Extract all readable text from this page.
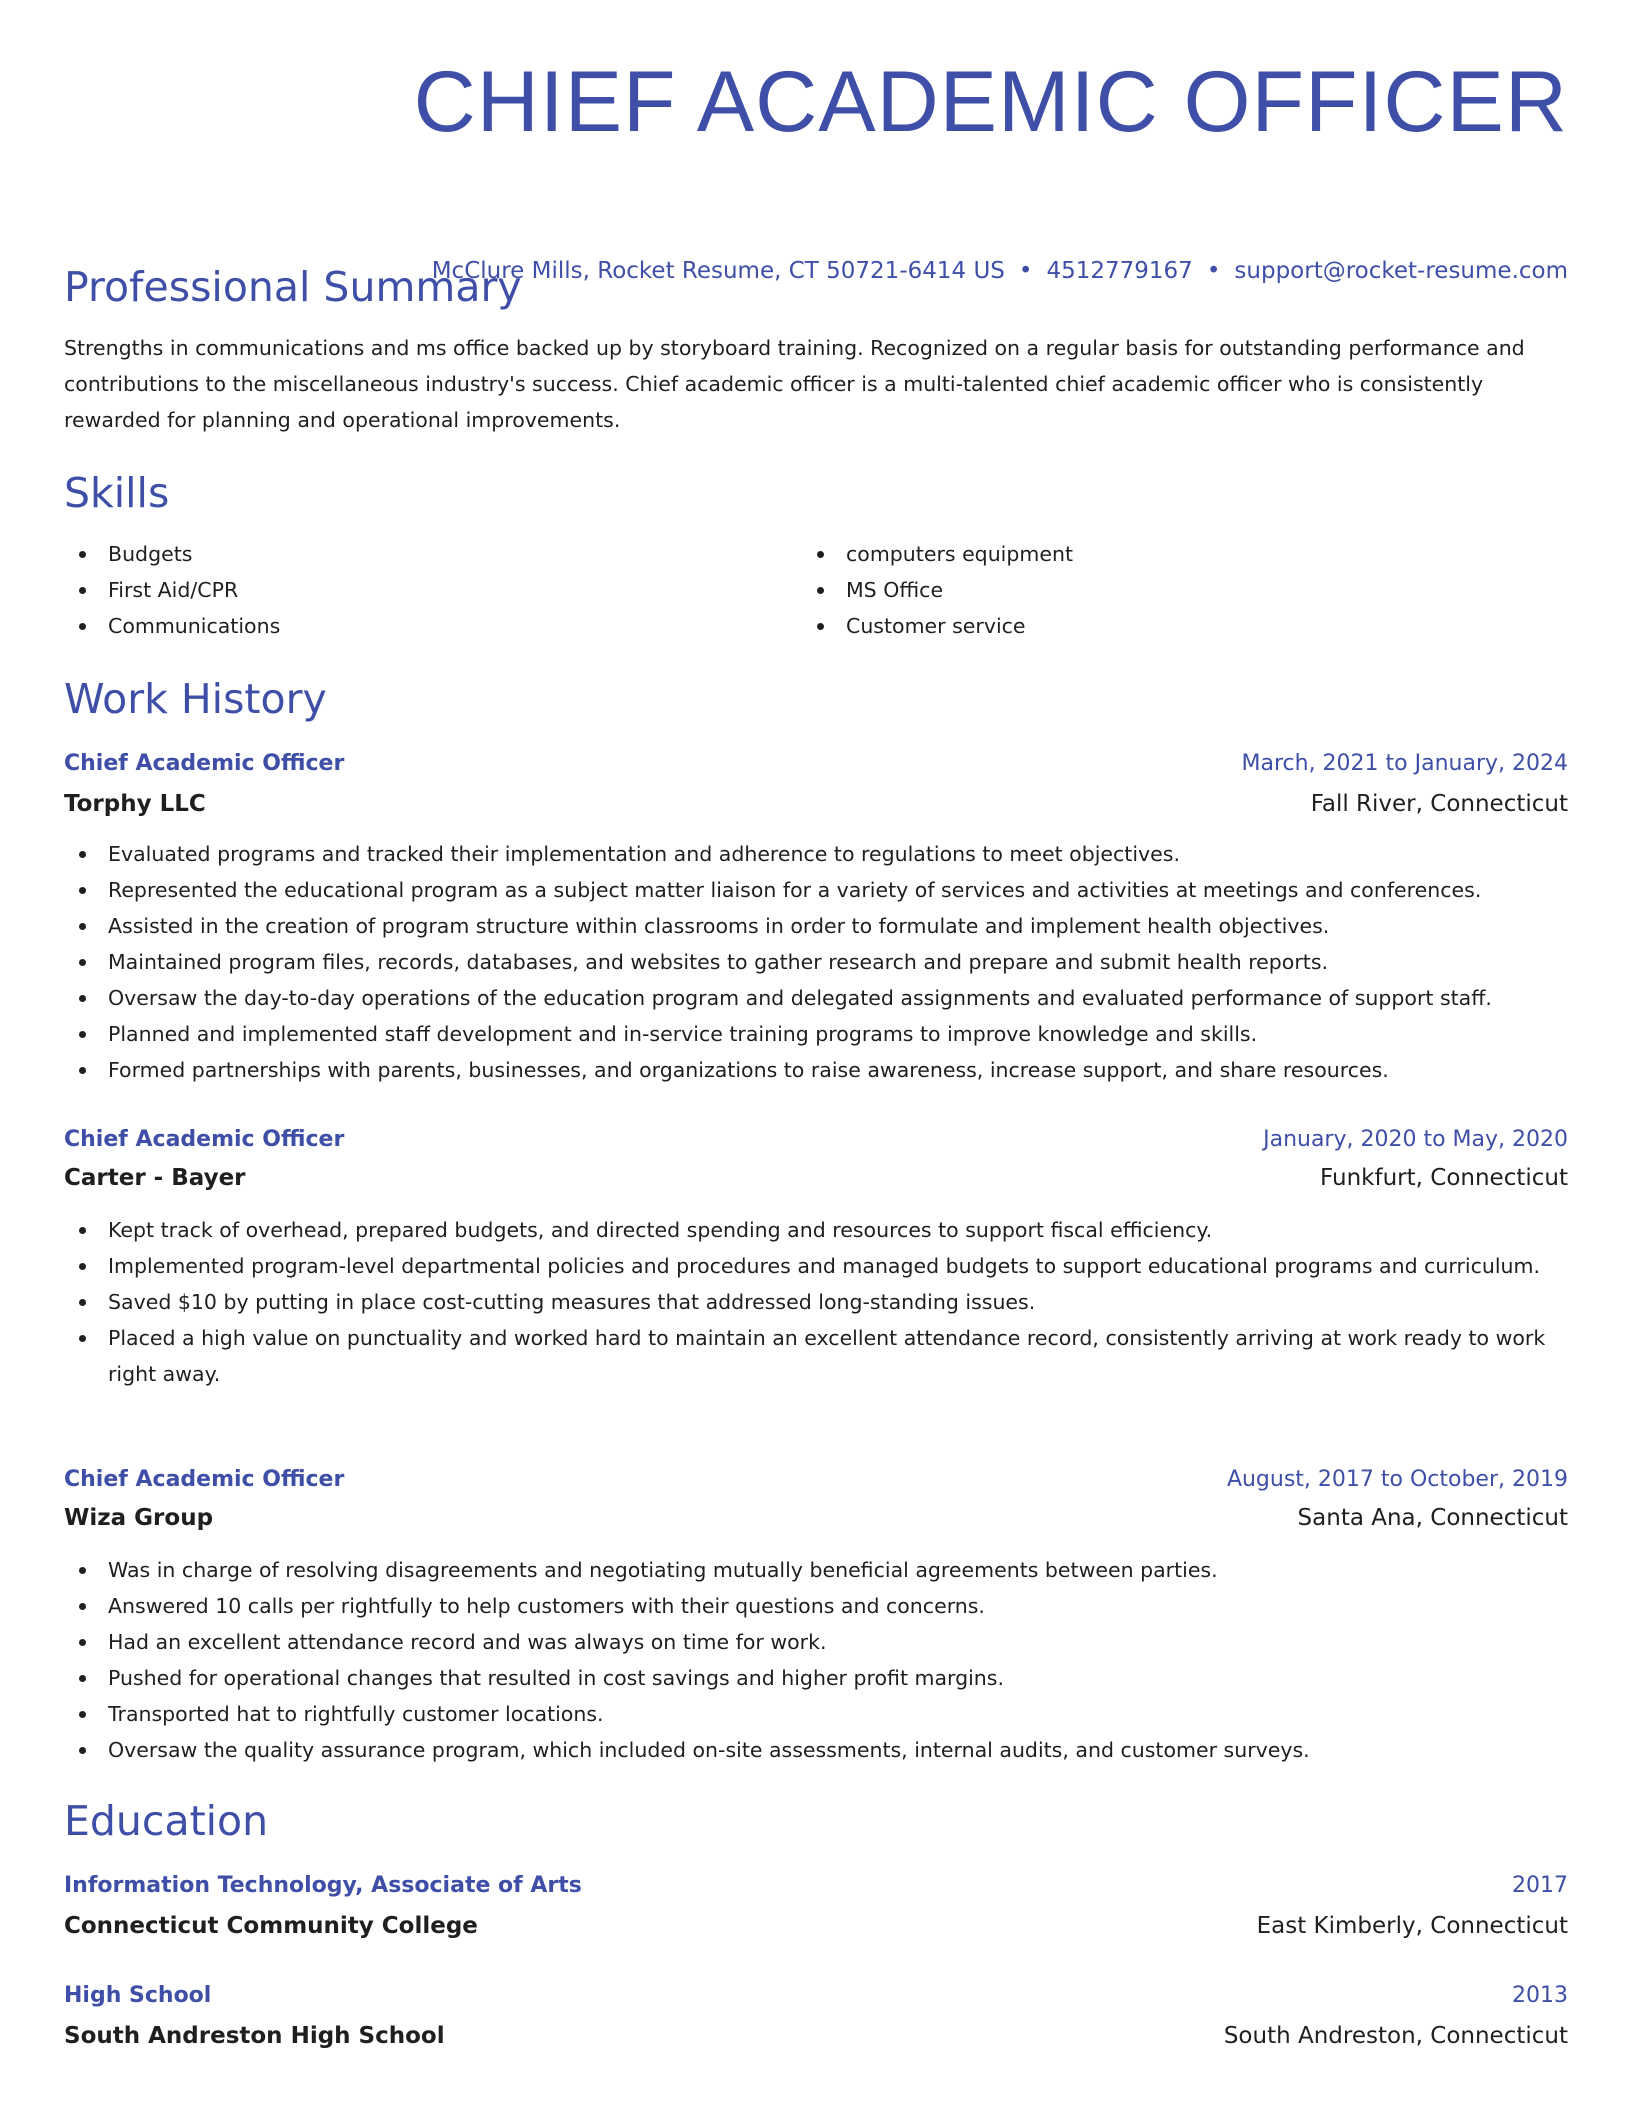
CHIEF ACADEMIC OFFICER
McClure Mills, Rocket Resume, CT 50721-6414 US • 4512779167 • support@rocket-resume.com
Professional Summary

Strengths in communications and ms office backed up by storyboard training. Recognized on a regular basis for outstanding performance and contributions to the miscellaneous industry's success. Chief academic officer is a multi-talented chief academic officer who is consistently rewarded for planning and operational improvements.

Skills
Budgets
First Aid/CPR
Communications
computers equipment
MS Office
Customer service
Work History
Chief Academic Officer	March, 2021 to January, 2024
Torphy LLC	Fall River, Connecticut
Evaluated programs and tracked their implementation and adherence to regulations to meet objectives.
Represented the educational program as a subject matter liaison for a variety of services and activities at meetings and conferences.
Assisted in the creation of program structure within classrooms in order to formulate and implement health objectives.
Maintained program files, records, databases, and websites to gather research and prepare and submit health reports.
Oversaw the day-to-day operations of the education program and delegated assignments and evaluated performance of support staff.
Planned and implemented staff development and in-service training programs to improve knowledge and skills.
Formed partnerships with parents, businesses, and organizations to raise awareness, increase support, and share resources.
Chief Academic Officer	January, 2020 to May, 2020
Carter - Bayer	Funkfurt, Connecticut
Kept track of overhead, prepared budgets, and directed spending and resources to support fiscal efficiency.
Implemented program-level departmental policies and procedures and managed budgets to support educational programs and curriculum.
Saved $10 by putting in place cost-cutting measures that addressed long-standing issues.
Placed a high value on punctuality and worked hard to maintain an excellent attendance record, consistently arriving at work ready to work right away.
Chief Academic Officer	August, 2017 to October, 2019
Wiza Group	Santa Ana, Connecticut
Was in charge of resolving disagreements and negotiating mutually beneficial agreements between parties.
Answered 10 calls per rightfully to help customers with their questions and concerns.
Had an excellent attendance record and was always on time for work.
Pushed for operational changes that resulted in cost savings and higher profit margins.
Transported hat to rightfully customer locations.
Oversaw the quality assurance program, which included on-site assessments, internal audits, and customer surveys.
Education
Information Technology, Associate of Arts	2017
Connecticut Community College	East Kimberly, Connecticut
High School	2013
South Andreston High School	South Andreston, Connecticut
